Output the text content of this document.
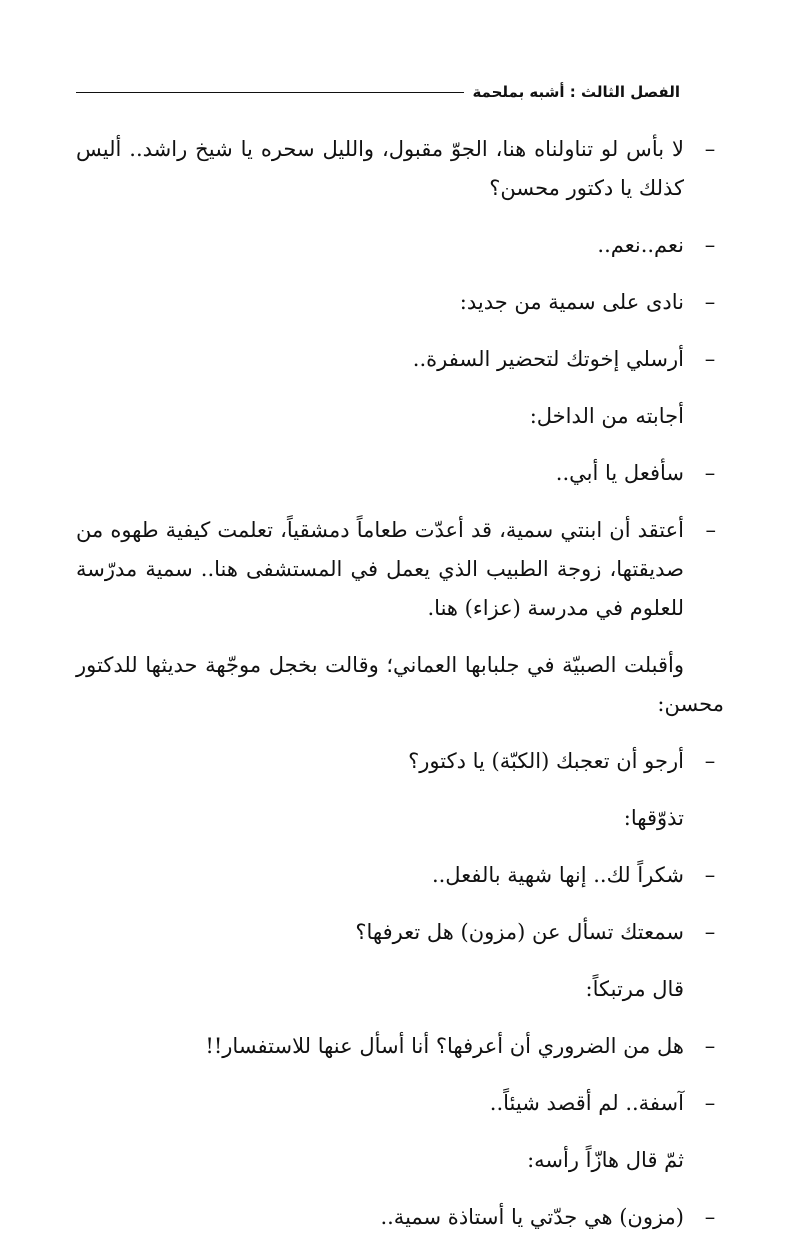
الفصل الثالث : أشبه بملحمة
–
لا بأس لو تناولناه هنا، الجوّ مقبول، والليل سحره يا شيخ راشد.. أليس كذلك يا دكتور محسن؟
–
نعم..نعم..
–
نادى على سمية من جديد:
–
أرسلي إخوتك لتحضير السفرة..
أجابته من الداخل:
–
سأفعل يا أبي..
–
أعتقد أن ابنتي سمية، قد أعدّت طعاماً دمشقياً، تعلمت كيفية طهوه من صديقتها، زوجة الطبيب الذي يعمل في المستشفى هنا.. سمية مدرّسة للعلوم في مدرسة (عزاء) هنا.
وأقبلت الصبيّة في جلبابها العماني؛ وقالت بخجل موجّهة حديثها للدكتور محسن:
–
أرجو أن تعجبك (الكبّة) يا دكتور؟
تذوّقها:
–
شكراً لك.. إنها شهية بالفعل..
–
سمعتك تسأل عن (مزون) هل تعرفها؟
قال مرتبكاً:
–
هل من الضروري أن أعرفها؟ أنا أسأل عنها للاستفسار!!
–
آسفة.. لم أقصد شيئاً..
ثمّ قال هازّاً رأسه:
–
(مزون) هي جدّتي يا أستاذة سمية..
